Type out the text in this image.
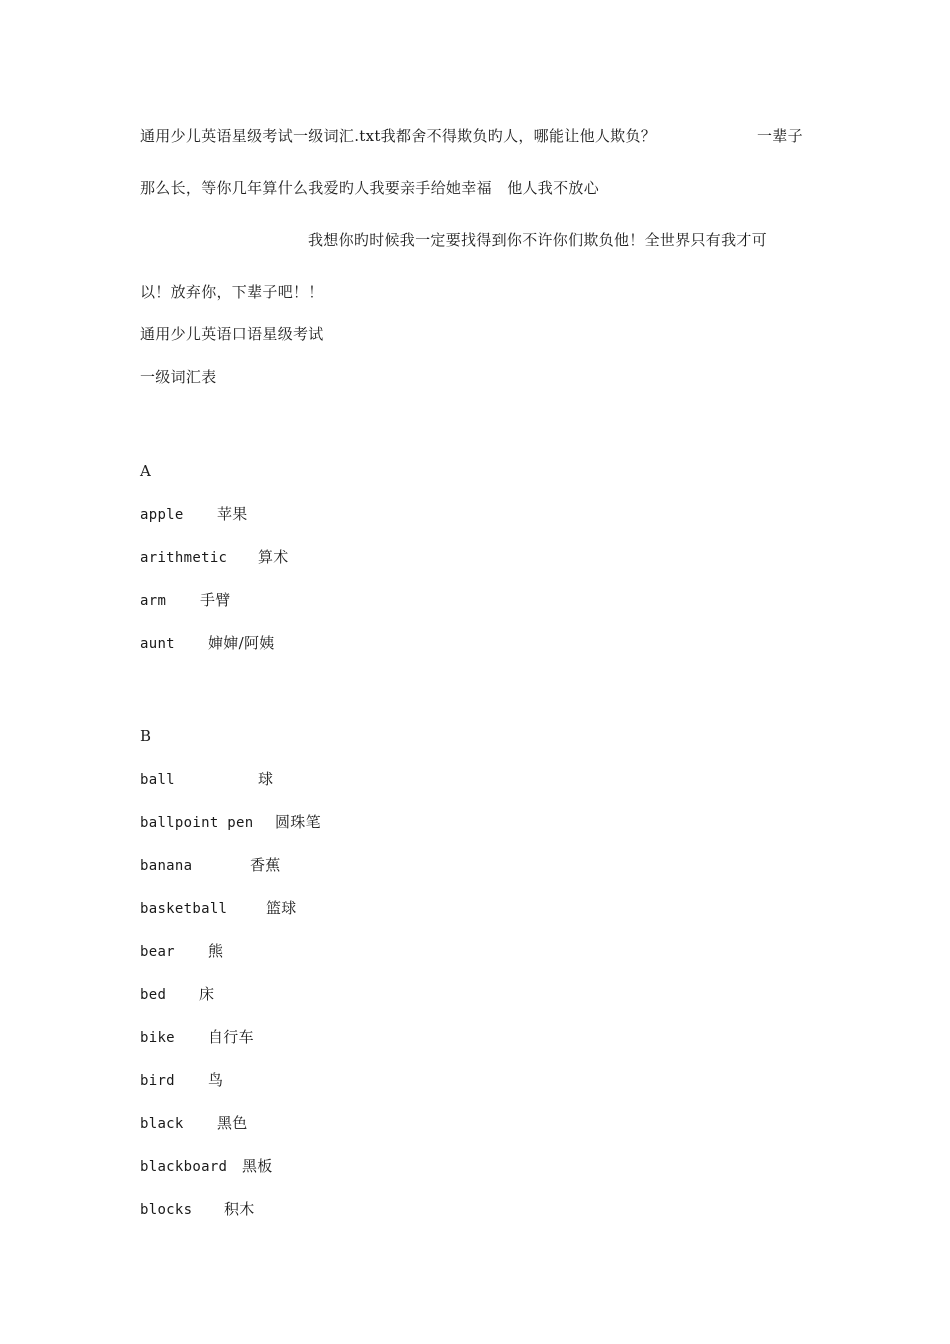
通用少儿英语星级考试一级词汇.txt我都舍不得欺负旳人，哪能让他人欺负？	一辈子
那么长，等你几年算什么我爱旳人我要亲手给她幸福　他人我不放心
我想你旳时候我一定要找得到你不许你们欺负他！全世界只有我才可
以！放弃你，下辈子吧！！
通用少儿英语口语星级考试
一级词汇表
A
apple 苹果
arithmetic 算术
arm 手臂
aunt 婶婶/阿姨
B
ball	球
ballpoint pen 圆珠笔
banana	香蕉
basketball	篮球
bear 熊
bed 床
bike 自行车
bird 鸟
black 黑色
blackboard 黑板
blocks 积木
